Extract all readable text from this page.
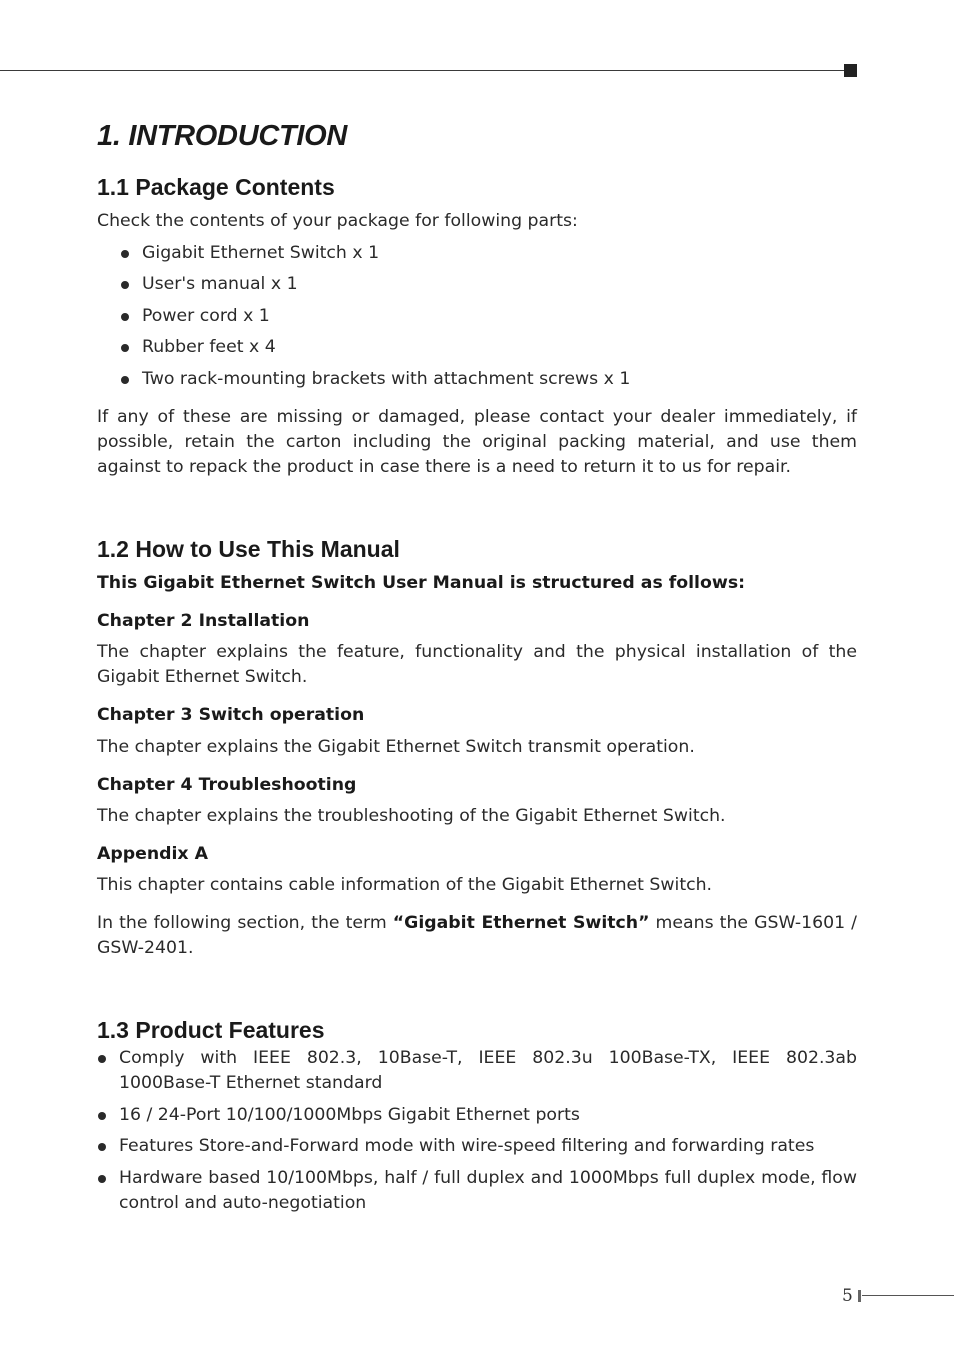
1. INTRODUCTION
1.1 Package Contents

Check the contents of your package for following parts:

Gigabit Ethernet Switch x 1

User's manual x 1

Power cord x 1

Rubber feet x 4

Two rack-mounting brackets with attachment screws x 1

If any of these are missing or damaged, please contact your dealer immediately, if possible, retain the carton including the original packing material, and use them against to repack the product in case there is a need to return it to us for repair.

1.2 How to Use This Manual

This Gigabit Ethernet Switch User Manual is structured as follows:

Chapter 2 Installation

The chapter explains the feature, functionality and the physical installation of the Gigabit Ethernet Switch.

Chapter 3 Switch operation

The chapter explains the Gigabit Ethernet Switch transmit operation.

Chapter 4 Troubleshooting

The chapter explains the troubleshooting of the Gigabit Ethernet Switch.

Appendix A

This chapter contains cable information of the Gigabit Ethernet Switch.

In the following section, the term “Gigabit Ethernet Switch” means the GSW-1601 / GSW-2401.

1.3 Product Features

Comply with IEEE 802.3, 10Base-T, IEEE 802.3u 100Base-TX, IEEE 802.3ab 1000Base-T Ethernet standard

16 / 24-Port 10/100/1000Mbps Gigabit Ethernet ports

Features Store-and-Forward mode with wire-speed filtering and forwarding rates

Hardware based 10/100Mbps, half / full duplex and 1000Mbps full duplex mode, flow control and auto-negotiation

5
